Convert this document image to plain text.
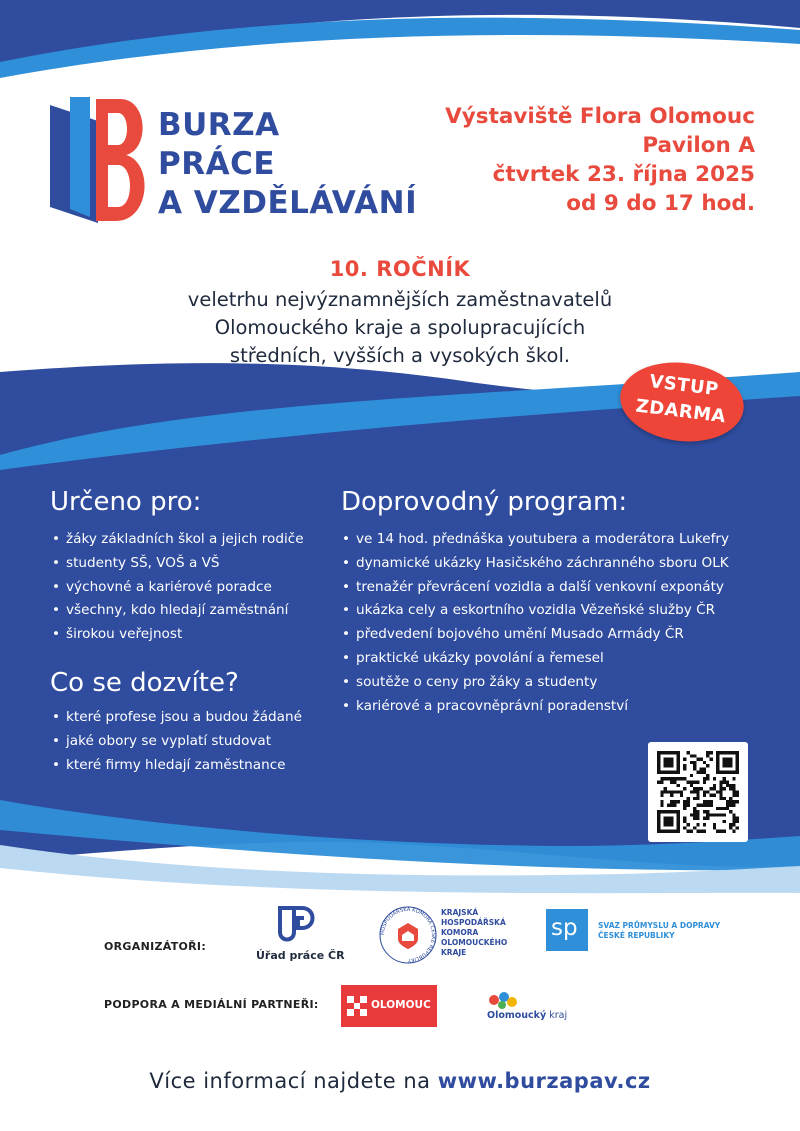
BURZA
PRÁCE
A VZDĚLÁVÁNÍ
Výstaviště Flora Olomouc
Pavilon A
čtvrtek 23. října 2025
od 9 do 17 hod.
10. ROČNÍK
veletrhu nejvýznamnějších zaměstnavatelů
Olomouckého kraje a spolupracujících
středních, vyšších a vysokých škol.
VSTUP
ZDARMA
Určeno pro:
• žáky základních škol a jejich rodiče
• studenty SŠ, VOŠ a VŠ
• výchovné a kariérové poradce
• všechny, kdo hledají zaměstnání
• širokou veřejnost
Co se dozvíte?
• které profese jsou a budou žádané
• jaké obory se vyplatí studovat
• které firmy hledají zaměstnance
Doprovodný program:
• ve 14 hod. přednáška youtubera a moderátora Lukefry
• dynamické ukázky Hasičského záchranného sboru OLK
• trenažér převrácení vozidla a další venkovní exponáty
• ukázka cely a eskortního vozidla Vězeňské služby ČR
• předvedení bojového umění Musado Armády ČR
• praktické ukázky povolání a řemesel
• soutěže o ceny pro žáky a studenty
• kariérové a pracovněprávní poradenství
ORGANIZÁTOŘI:
Úřad práce ČR
HOSPODÁŘSKÁ KOMORA ČESKÉ REPUBLIKY
KRAJSKÁ
HOSPODÁŘSKÁ
KOMORA
OLOMOUCKÉHO
KRAJE
sp	SVAZ PRŮMYSLU A DOPRAVY
ČESKÉ REPUBLIKY
PODPORA A MEDIÁLNÍ PARTNEŘI:	OLOMOUC
Olomoucký kraj
Více informací najdete na www.burzapav.cz
